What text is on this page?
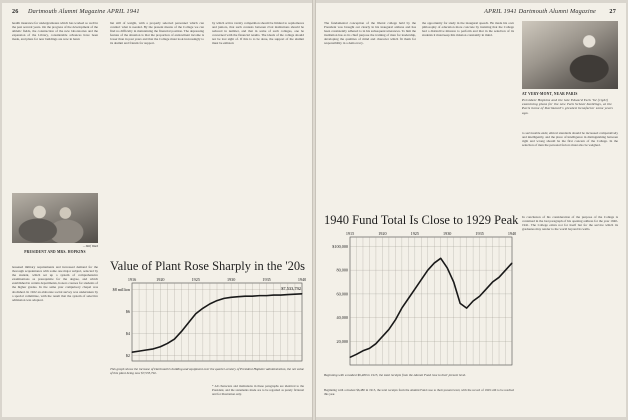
26 Dartmouth Alumni Magazine APRIL 1941
health insurance for undergraduates which has worked so well in the past several years. On the progress of the development of the athletic fields, the construction of the new laboratories and the expansion of the Library, considerable advances have been made, and plans for new buildings are now in hand.
—Wolf Ward
PRESIDENT AND MRS. HOPKINS
but still of weight, with a properly selected personnel which can conduct what is needed. By the present means of the College we can find no difficulty in maintaining the financial position. The depressing feature of the situation is that the proportion of endowment income is lower than in past years and that the College must look increasingly to its alumni and friends for support.
by which active varsity competition should be limited to sophomores and juniors, that such contests between rival institutions should be reduced in number, and that in some of such colleges, one be concerned with the financial results. The ideals of the college should not be lost sight of. If this is to be done, the support of the alumni must be enlisted.
Value of Plant Rose Sharply in the '20s
1916	1920	1925	1930	1935	1940
$8 million
$6
$4
$2
$7,533,792
This graph shows the increase of Dartmouth's building and equipment over the quarter-century of President Hopkins' administration, the net value of this plant being now $7,533,792.
lessened military requirements and increased demand for the thorough acquaintance with some one major subject, selected by the student, which set up a system of comprehensive examinations as prerequisite for the degree, and which established in certain departments, honors courses for students of the higher grades. In the same year compulsory chapel was abolished. In 1922 an elaborate social survey was undertaken by a special committee, with the result that the system of selective admission was adopted.
* All characters and institutions in these paragraphs are identical to the President, and the statements made are to be regarded as purely fictional and for illustration only.
APRIL 1941 Dartmouth Alumni Magazine 27
The fundamental conception of the liberal college held by the President was brought out clearly in his inaugural address and has been consistently adhered to in his subsequent utterances. To him the institution has as its chief purpose the training of men for leadership, developing the qualities of mind and character which fit them for responsibility in a democracy.
the opportunity for study in the inaugural speech. He made his own philosophy of education more concrete by insisting that the College had a distinctive mission to perform and that in the selection of its students it must keep this mission constantly in mind.
AT VERY-MONT, NEAR PARIS
President Hopkins and the late Edward Tuck '62 (right) examining plans for the new Tuck School buildings, at the Paris home of Dartmouth's greatest benefactor some years ago.
to serviceable ends; ethical standards should be increased comparatively and intelligently, and the place of intelligence in distinguishing between right and wrong should be the first concern of the College. In the selection of men the personal factors must also be weighed.
1940 Fund Total Is Close to 1929 Peak
1915	1920	1925	1930	1935	1940
$100,000
80,000
60,000
40,000
20,000
Beginning with a modest $6,480 in 1915, the total receipts from the Alumni Fund rose to their present level.
In conclusion of his consideration of the purpose of the College is contained in the last paragraph of his opening address for the year 1940-1941. The College exists not for itself but for the service which its graduates may render to the world beyond its walls.
Beginning with a modest $6,480 in 1915, the total receipts from the Alumni Fund rose to their present level, with the record of 1929 still to be reached this year.
